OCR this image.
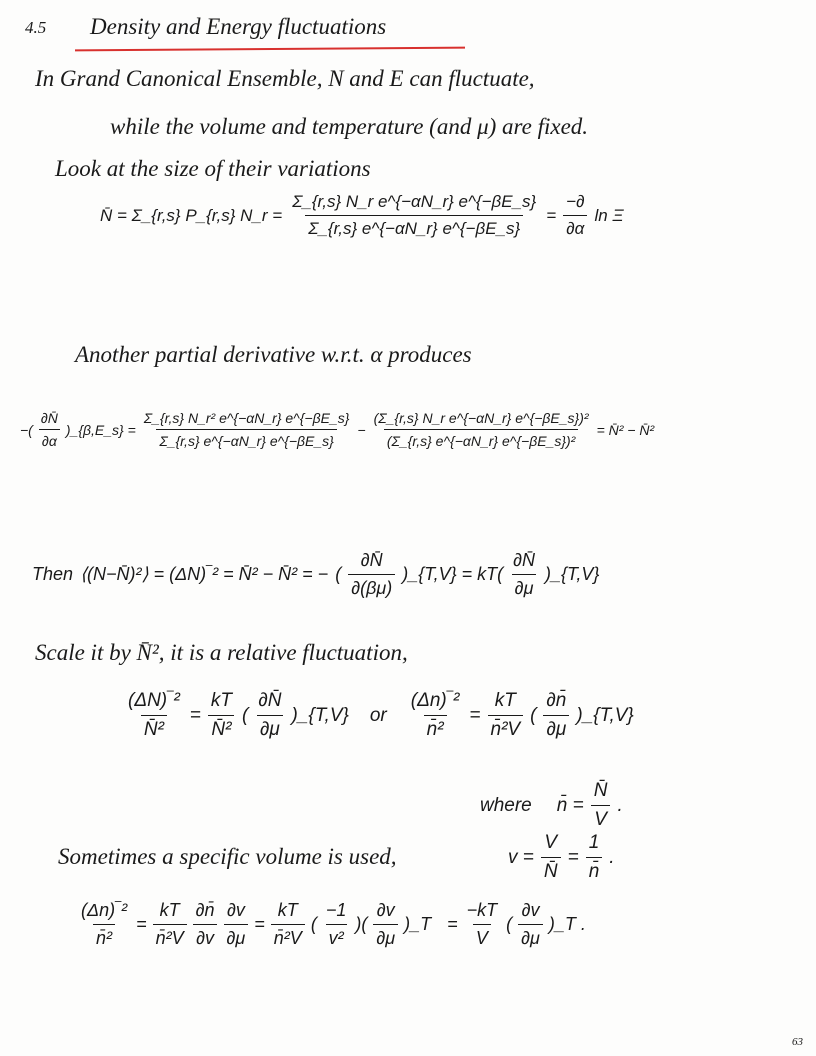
4.5 Density and Energy fluctuations
In Grand Canonical Ensemble, N and E can fluctuate,
while the volume and temperature (and μ) are fixed.
Look at the size of their variations
N̄ = Σ_{r,s} P_{r,s} N_r = $\frac{\text{Σ\_\{r,s\} N\_r e\textasciicircum{}\{−αN\_r\} e\textasciicircum{}\{−βE\_s\}}}{\Sigma\_\{r,s\} e\^{}\{-\alpha N\_r\} e\^{}\{-\beta E\_s\}} = \frac{-\partial}{\partial\alpha}$ ln Ξ
Another partial derivative w.r.t. α produces
−( $\frac{\partial N̄}{\partial\alpha}$ )_{β,E_s} = $\frac{\text{Σ\_\{r,s\} N\_r² e\textasciicircum{}\{−αN\_r\} e\textasciicircum{}\{−βE\_s\}}}{\Sigma\_\{r,s\} e\^{}\{-\alpha N\_r\} e\^{}\{-\beta E\_s\}} - \frac{\text{(Σ\_\{r,s\} N\_r e\textasciicircum{}\{−αN\_r\} e\textasciicircum{}\{−βE\_s\})²}}{\text{(Σ\_\{r,s\} e\textasciicircum{}\{−αN\_r\} e\textasciicircum{}\{−βE\_s\})²}}$ = N̄² − N̄²
Then ⟨(N−N̄)²⟩ = (ΔN)‾² = N̄² − N̄² = − ( $\frac{\partial N̄}{\partial(\beta\mu)}$ )_{T,V} = $kT( \frac{\partial N̄}{\partial\mu}$ )_{T,V}
Scale it by N̄², it is a relative fluctuation,
$\frac{\text{(ΔN)‾²}}{\text{N̄²}} = \frac{kT}{\text{N̄²}}$ ( $\frac{\partial N̄}{\partial\mu}$ )_{T,V} or $\frac{\text{(Δn)‾²}}{\text{n̄²}} = \frac{kT}{\text{n̄²V}}$ ( $\frac{\partial n̄}{\partial\mu}$ )_{T,V}
where n̄ = $\frac{N̄}{V}$ .
Sometimes a specific volume is used,	$v = \frac{V}{N̄} = \frac{1}{n̄}$ .
$\frac{\text{(Δn)‾²}}{\text{n̄²}} = \frac{kT}{\text{n̄²V}} \frac{\partial n̄}{\partial v} \frac{\partial v}{\partial\mu} = \frac{kT}{\text{n̄²V}}$ ( $\frac{-1}{\text{v²}}$ )( $\frac{\partial v}{\partial\mu}$ )_T = $\frac{-kT}{V}$ ( $\frac{\partial v}{\partial\mu}$ )_T .
63
